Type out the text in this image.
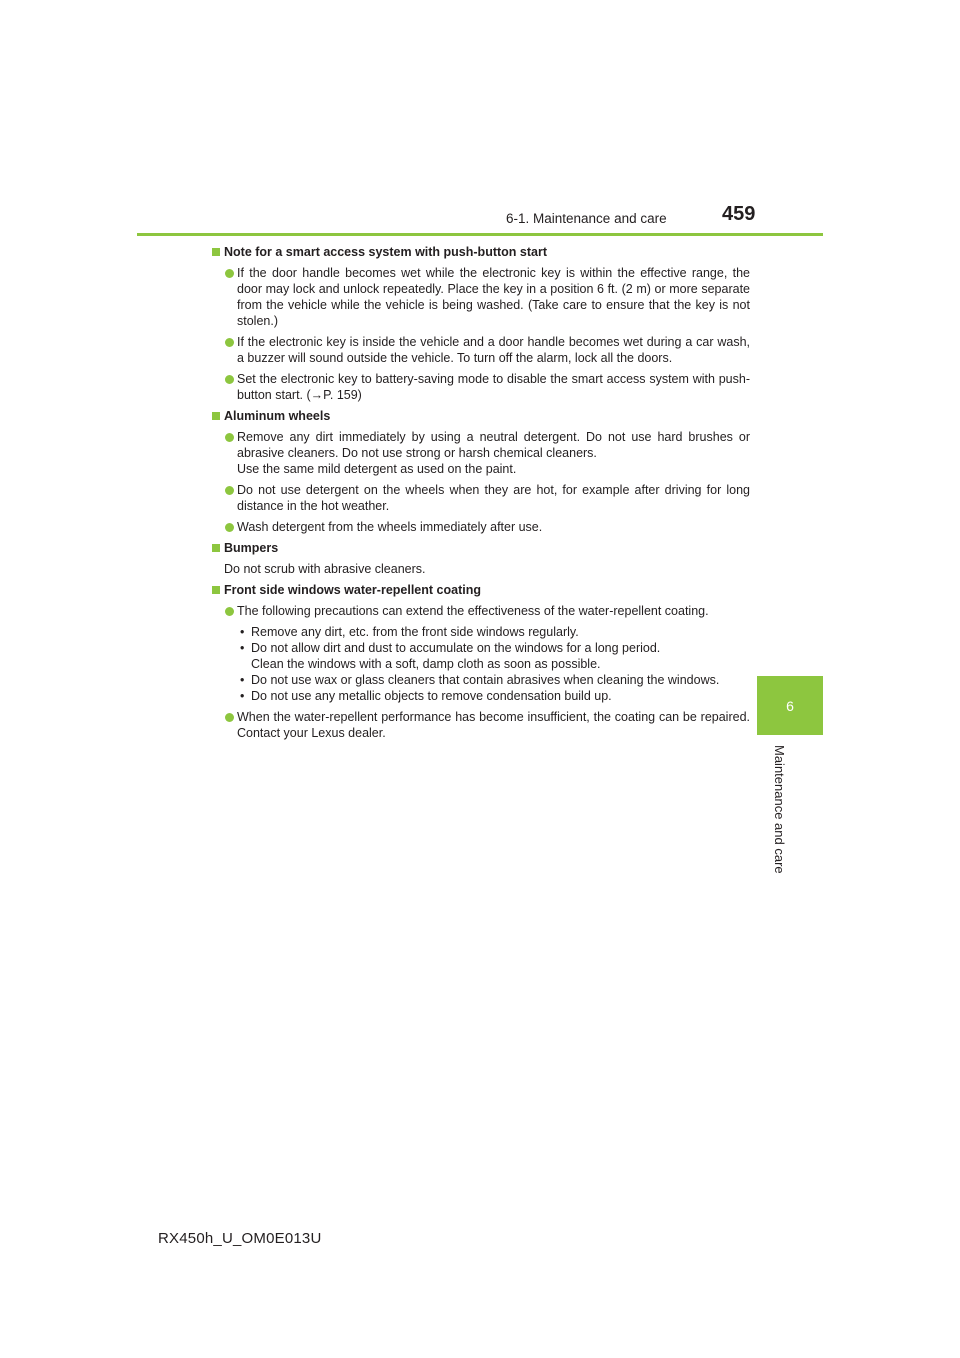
6-1. Maintenance and care	459
6
Maintenance and care
Note for a smart access system with push-button start
If the door handle becomes wet while the electronic key is within the effective range, the door may lock and unlock repeatedly. Place the key in a position 6 ft. (2 m) or more separate from the vehicle while the vehicle is being washed. (Take care to ensure that the key is not stolen.)
If the electronic key is inside the vehicle and a door handle becomes wet during a car wash, a buzzer will sound outside the vehicle. To turn off the alarm, lock all the doors.
Set the electronic key to battery-saving mode to disable the smart access system with push-button start. (→P. 159)
Aluminum wheels
Remove any dirt immediately by using a neutral detergent. Do not use hard brushes or abrasive cleaners. Do not use strong or harsh chemical cleaners.
Use the same mild detergent as used on the paint.
Do not use detergent on the wheels when they are hot, for example after driving for long distance in the hot weather.
Wash detergent from the wheels immediately after use.
Bumpers
Do not scrub with abrasive cleaners.
Front side windows water-repellent coating
The following precautions can extend the effectiveness of the water-repellent coating.
• Remove any dirt, etc. from the front side windows regularly.
• Do not allow dirt and dust to accumulate on the windows for a long period.
Clean the windows with a soft, damp cloth as soon as possible.
• Do not use wax or glass cleaners that contain abrasives when cleaning the windows.
• Do not use any metallic objects to remove condensation build up.
When the water-repellent performance has become insufficient, the coating can be repaired. Contact your Lexus dealer.
RX450h_U_OM0E013U
